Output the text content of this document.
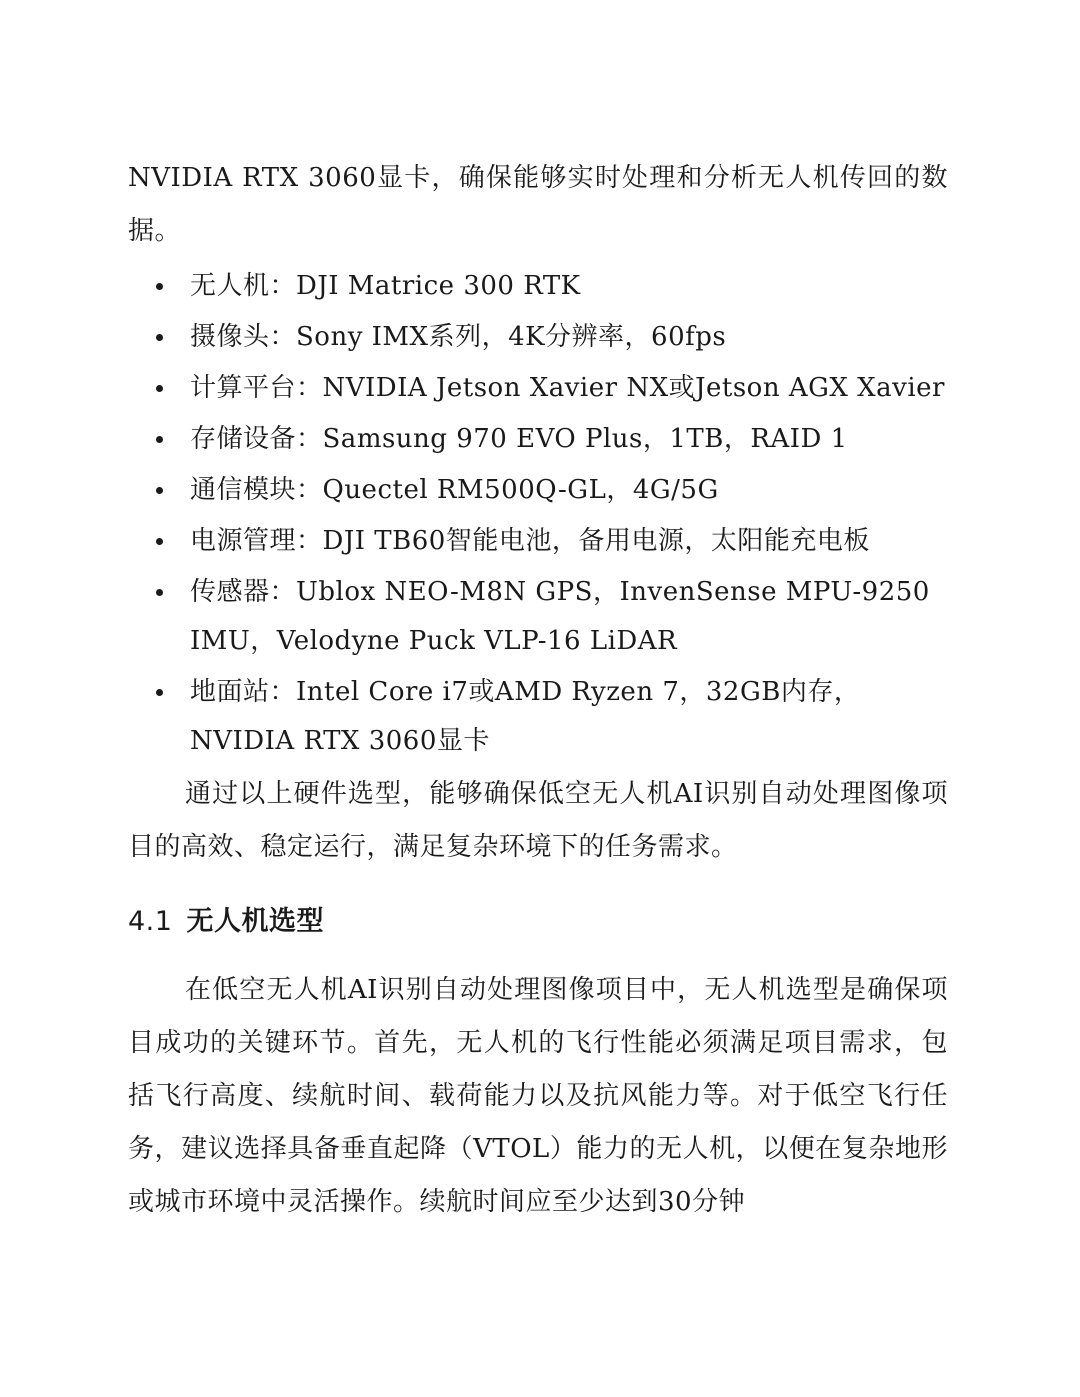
NVIDIA RTX 3060显卡，确保能够实时处理和分析无人机传回的数据。

无人机：DJI Matrice 300 RTK
摄像头：Sony IMX系列，4K分辨率，60fps
计算平台：NVIDIA Jetson Xavier NX或Jetson AGX Xavier
存储设备：Samsung 970 EVO Plus，1TB，RAID 1
通信模块：Quectel RM500Q-GL，4G/5G
电源管理：DJI TB60智能电池，备用电源，太阳能充电板
传感器：Ublox NEO-M8N GPS，InvenSense MPU-9250 IMU，Velodyne Puck VLP-16 LiDAR
地面站：Intel Core i7或AMD Ryzen 7，32GB内存，NVIDIA RTX 3060显卡

通过以上硬件选型，能够确保低空无人机AI识别自动处理图像项目的高效、稳定运行，满足复杂环境下的任务需求。

4.1 无人机选型

在低空无人机AI识别自动处理图像项目中，无人机选型是确保项目成功的关键环节。首先，无人机的飞行性能必须满足项目需求，包括飞行高度、续航时间、载荷能力以及抗风能力等。对于低空飞行任务，建议选择具备垂直起降（VTOL）能力的无人机，以便在复杂地形或城市环境中灵活操作。续航时间应至少达到30分钟
